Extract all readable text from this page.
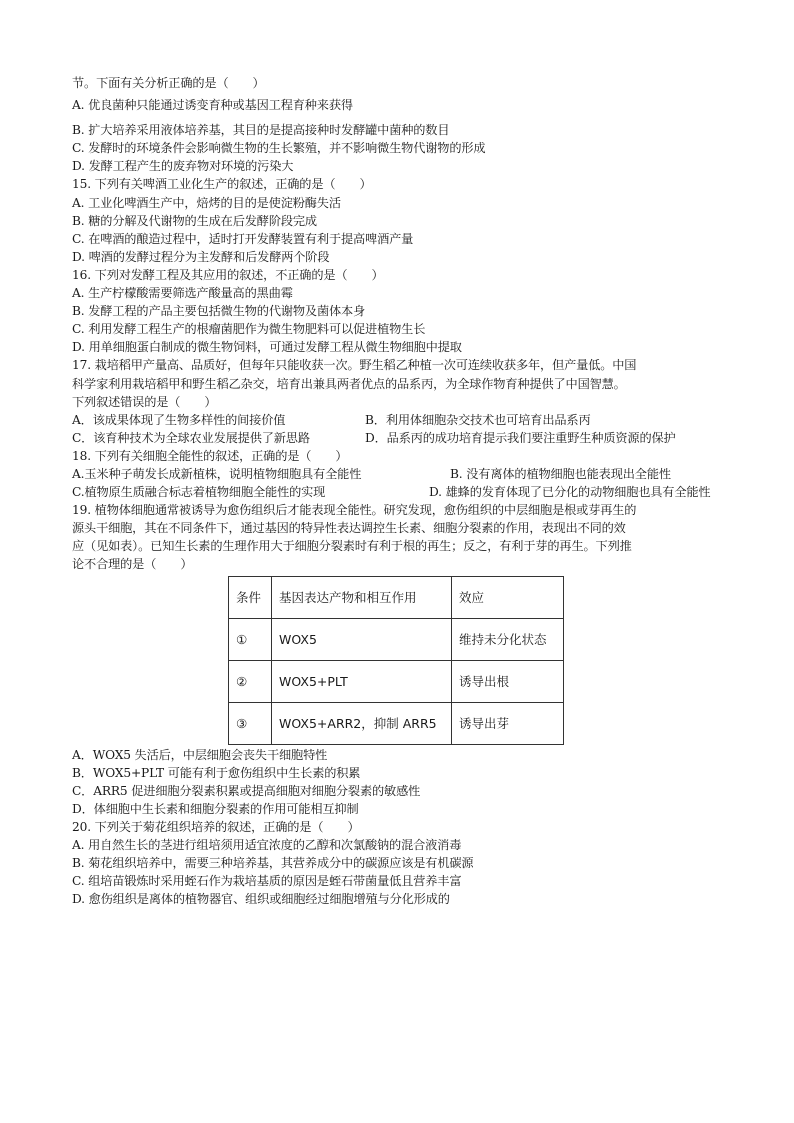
节。下面有关分析正确的是（　　）
A. 优良菌种只能通过诱变育种或基因工程育种来获得
B. 扩大培养采用液体培养基，其目的是提高接种时发酵罐中菌种的数目
C. 发酵时的环境条件会影响微生物的生长繁殖，并不影响微生物代谢物的形成
D. 发酵工程产生的废弃物对环境的污染大
15. 下列有关啤酒工业化生产的叙述，正确的是（　　）
A. 工业化啤酒生产中，焙烤的目的是使淀粉酶失活
B. 糖的分解及代谢物的生成在后发酵阶段完成
C. 在啤酒的酿造过程中，适时打开发酵装置有利于提高啤酒产量
D. 啤酒的发酵过程分为主发酵和后发酵两个阶段
16. 下列对发酵工程及其应用的叙述，不正确的是（　　）
A. 生产柠檬酸需要筛选产酸量高的黑曲霉
B. 发酵工程的产品主要包括微生物的代谢物及菌体本身
C. 利用发酵工程生产的根瘤菌肥作为微生物肥料可以促进植物生长
D. 用单细胞蛋白制成的微生物饲料，可通过发酵工程从微生物细胞中提取
17. 栽培稻甲产量高、品质好，但每年只能收获一次。野生稻乙种植一次可连续收获多年，但产量低。中国
科学家利用栽培稻甲和野生稻乙杂交，培育出兼具两者优点的品系丙，为全球作物育种提供了中国智慧。
下列叙述错误的是（　　）
A．该成果体现了生物多样性的间接价值	B．利用体细胞杂交技术也可培育出品系丙
C．该育种技术为全球农业发展提供了新思路	D．品系丙的成功培育提示我们要注重野生种质资源的保护
18. 下列有关细胞全能性的叙述，正确的是（　　）
A.玉米种子萌发长成新植株，说明植物细胞具有全能性	B. 没有离体的植物细胞也能表现出全能性
C.植物原生质融合标志着植物细胞全能性的实现	D. 雄蜂的发育体现了已分化的动物细胞也具有全能性
19. 植物体细胞通常被诱导为愈伤组织后才能表现全能性。研究发现，愈伤组织的中层细胞是根或芽再生的
源头干细胞，其在不同条件下，通过基因的特异性表达调控生长素、细胞分裂素的作用，表现出不同的效
应（见如表）。已知生长素的生理作用大于细胞分裂素时有利于根的再生；反之，有利于芽的再生。下列推
论不合理的是（　　）
条件	基因表达产物和相互作用	效应
①	WOX5	维持未分化状态
②	WOX5+PLT	诱导出根
③	WOX5+ARR2，抑制 ARR5	诱导出芽
A．WOX5 失活后，中层细胞会丧失干细胞特性
B．WOX5+PLT 可能有利于愈伤组织中生长素的积累
C．ARR5 促进细胞分裂素积累或提高细胞对细胞分裂素的敏感性
D．体细胞中生长素和细胞分裂素的作用可能相互抑制
20. 下列关于菊花组织培养的叙述，正确的是（　　）
A. 用自然生长的茎进行组培须用适宜浓度的乙醇和次氯酸钠的混合液消毒
B. 菊花组织培养中，需要三种培养基，其营养成分中的碳源应该是有机碳源
C. 组培苗锻炼时采用蛭石作为栽培基质的原因是蛭石带菌量低且营养丰富
D. 愈伤组织是离体的植物器官、组织或细胞经过细胞增殖与分化形成的
